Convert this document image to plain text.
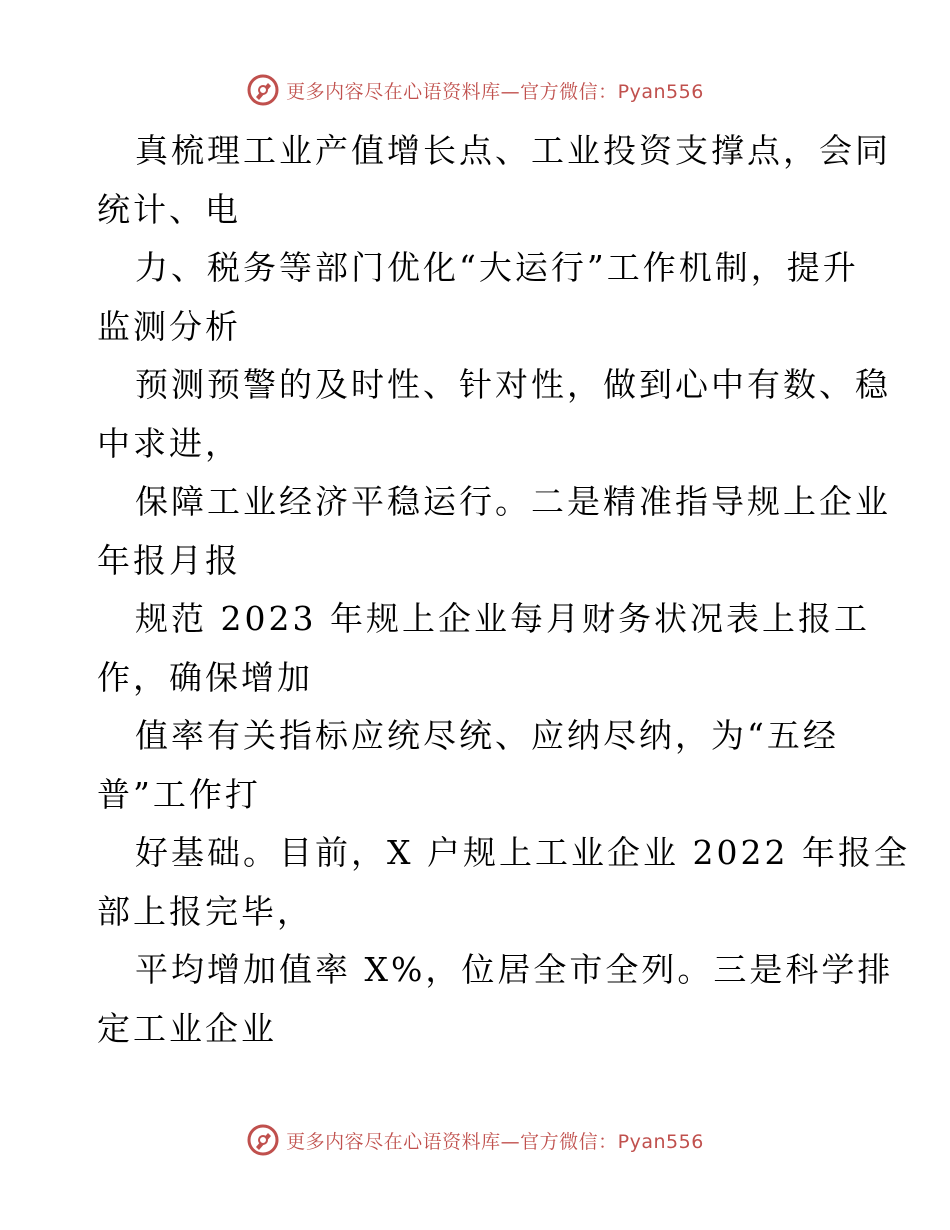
更多内容尽在心语资料库—官方微信：Pyan556
真梳理工业产值增长点、工业投资支撑点，会同
统计、电
力、税务等部门优化“大运行”工作机制，提升
监测分析
预测预警的及时性、针对性，做到心中有数、稳
中求进，
保障工业经济平稳运行。二是精准指导规上企业
年报月报
规范 2023 年规上企业每月财务状况表上报工
作，确保增加
值率有关指标应统尽统、应纳尽纳，为“五经
普”工作打
好基础。目前，X 户规上工业企业 2022 年报全
部上报完毕，
平均增加值率 X%，位居全市全列。三是科学排
定工业企业
更多内容尽在心语资料库—官方微信：Pyan556
